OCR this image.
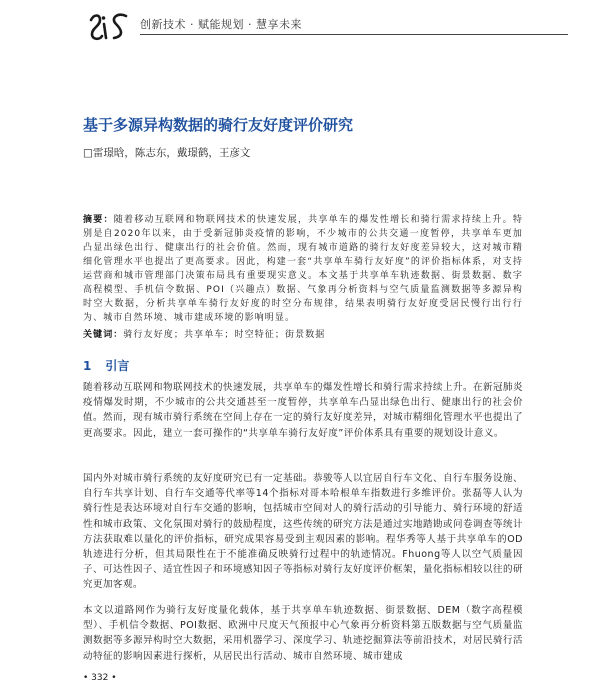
创新技术 · 赋能规划 · 慧享未来
基于多源异构数据的骑行友好度评价研究
□雷璟晗，陈志东，戴璟鹤，王彦文
摘要：随着移动互联网和物联网技术的快速发展，共享单车的爆发性增长和骑行需求持续上升。特别是自2020年以来，由于受新冠肺炎疫情的影响，不少城市的公共交通一度暂停，共享单车更加凸显出绿色出行、健康出行的社会价值。然而，现有城市道路的骑行友好度差异较大，这对城市精细化管理水平也提出了更高要求。因此，构建一套“共享单车骑行友好度”的评价指标体系，对支持运营商和城市管理部门决策布局具有重要现实意义。本文基于共享单车轨迹数据、街景数据、数字高程模型、手机信令数据、POI（兴趣点）数据、气象再分析资料与空气质量监测数据等多源异构时空大数据，分析共享单车骑行友好度的时空分布规律，结果表明骑行友好度受居民慢行出行行为、城市自然环境、城市建成环境的影响明显。
关键词：骑行友好度；共享单车；时空特征；街景数据
1 引言
随着移动互联网和物联网技术的快速发展，共享单车的爆发性增长和骑行需求持续上升。在新冠肺炎疫情爆发时期，不少城市的公共交通甚至一度暂停，共享单车凸显出绿色出行、健康出行的社会价值。然而，现有城市骑行系统在空间上存在一定的骑行友好度差异，对城市精细化管理水平也提出了更高要求。因此，建立一套可操作的“共享单车骑行友好度”评价体系具有重要的规划设计意义。
国内外对城市骑行系统的友好度研究已有一定基础。恭骏等人以宜居自行车文化、自行车服务设施、自行车共享计划、自行车交通等代率等14个指标对哥本哈根单车指数进行多维评价。张磊等人认为骑行性是表达环境对自行车交通的影响，包括城市空间对人的骑行活动的引导能力、骑行环境的舒适性和城市政策、文化氛围对骑行的鼓励程度，这些传统的研究方法是通过实地踏勘或问卷调查等统计方法获取难以量化的评价指标，研究成果容易受到主观因素的影响。程华秀等人基于共享单车的OD轨迹进行分析，但其局限性在于不能准确反映骑行过程中的轨迹情况。Fhuong等人以空气质量因子、可达性因子、适宜性因子和环境感知因子等指标对骑行友好度评价框架，量化指标相较以往的研究更加客观。
本文以道路网作为骑行友好度量化载体，基于共享单车轨迹数据、街景数据、DEM（数字高程模型）、手机信令数据、POI数据、欧洲中尺度天气预报中心气象再分析资料第五版数据与空气质量监测数据等多源异构时空大数据，采用机器学习、深度学习、轨迹挖掘算法等前沿技术，对居民骑行活动特征的影响因素进行探析，从居民出行活动、城市自然环境、城市建成
• 332 •
